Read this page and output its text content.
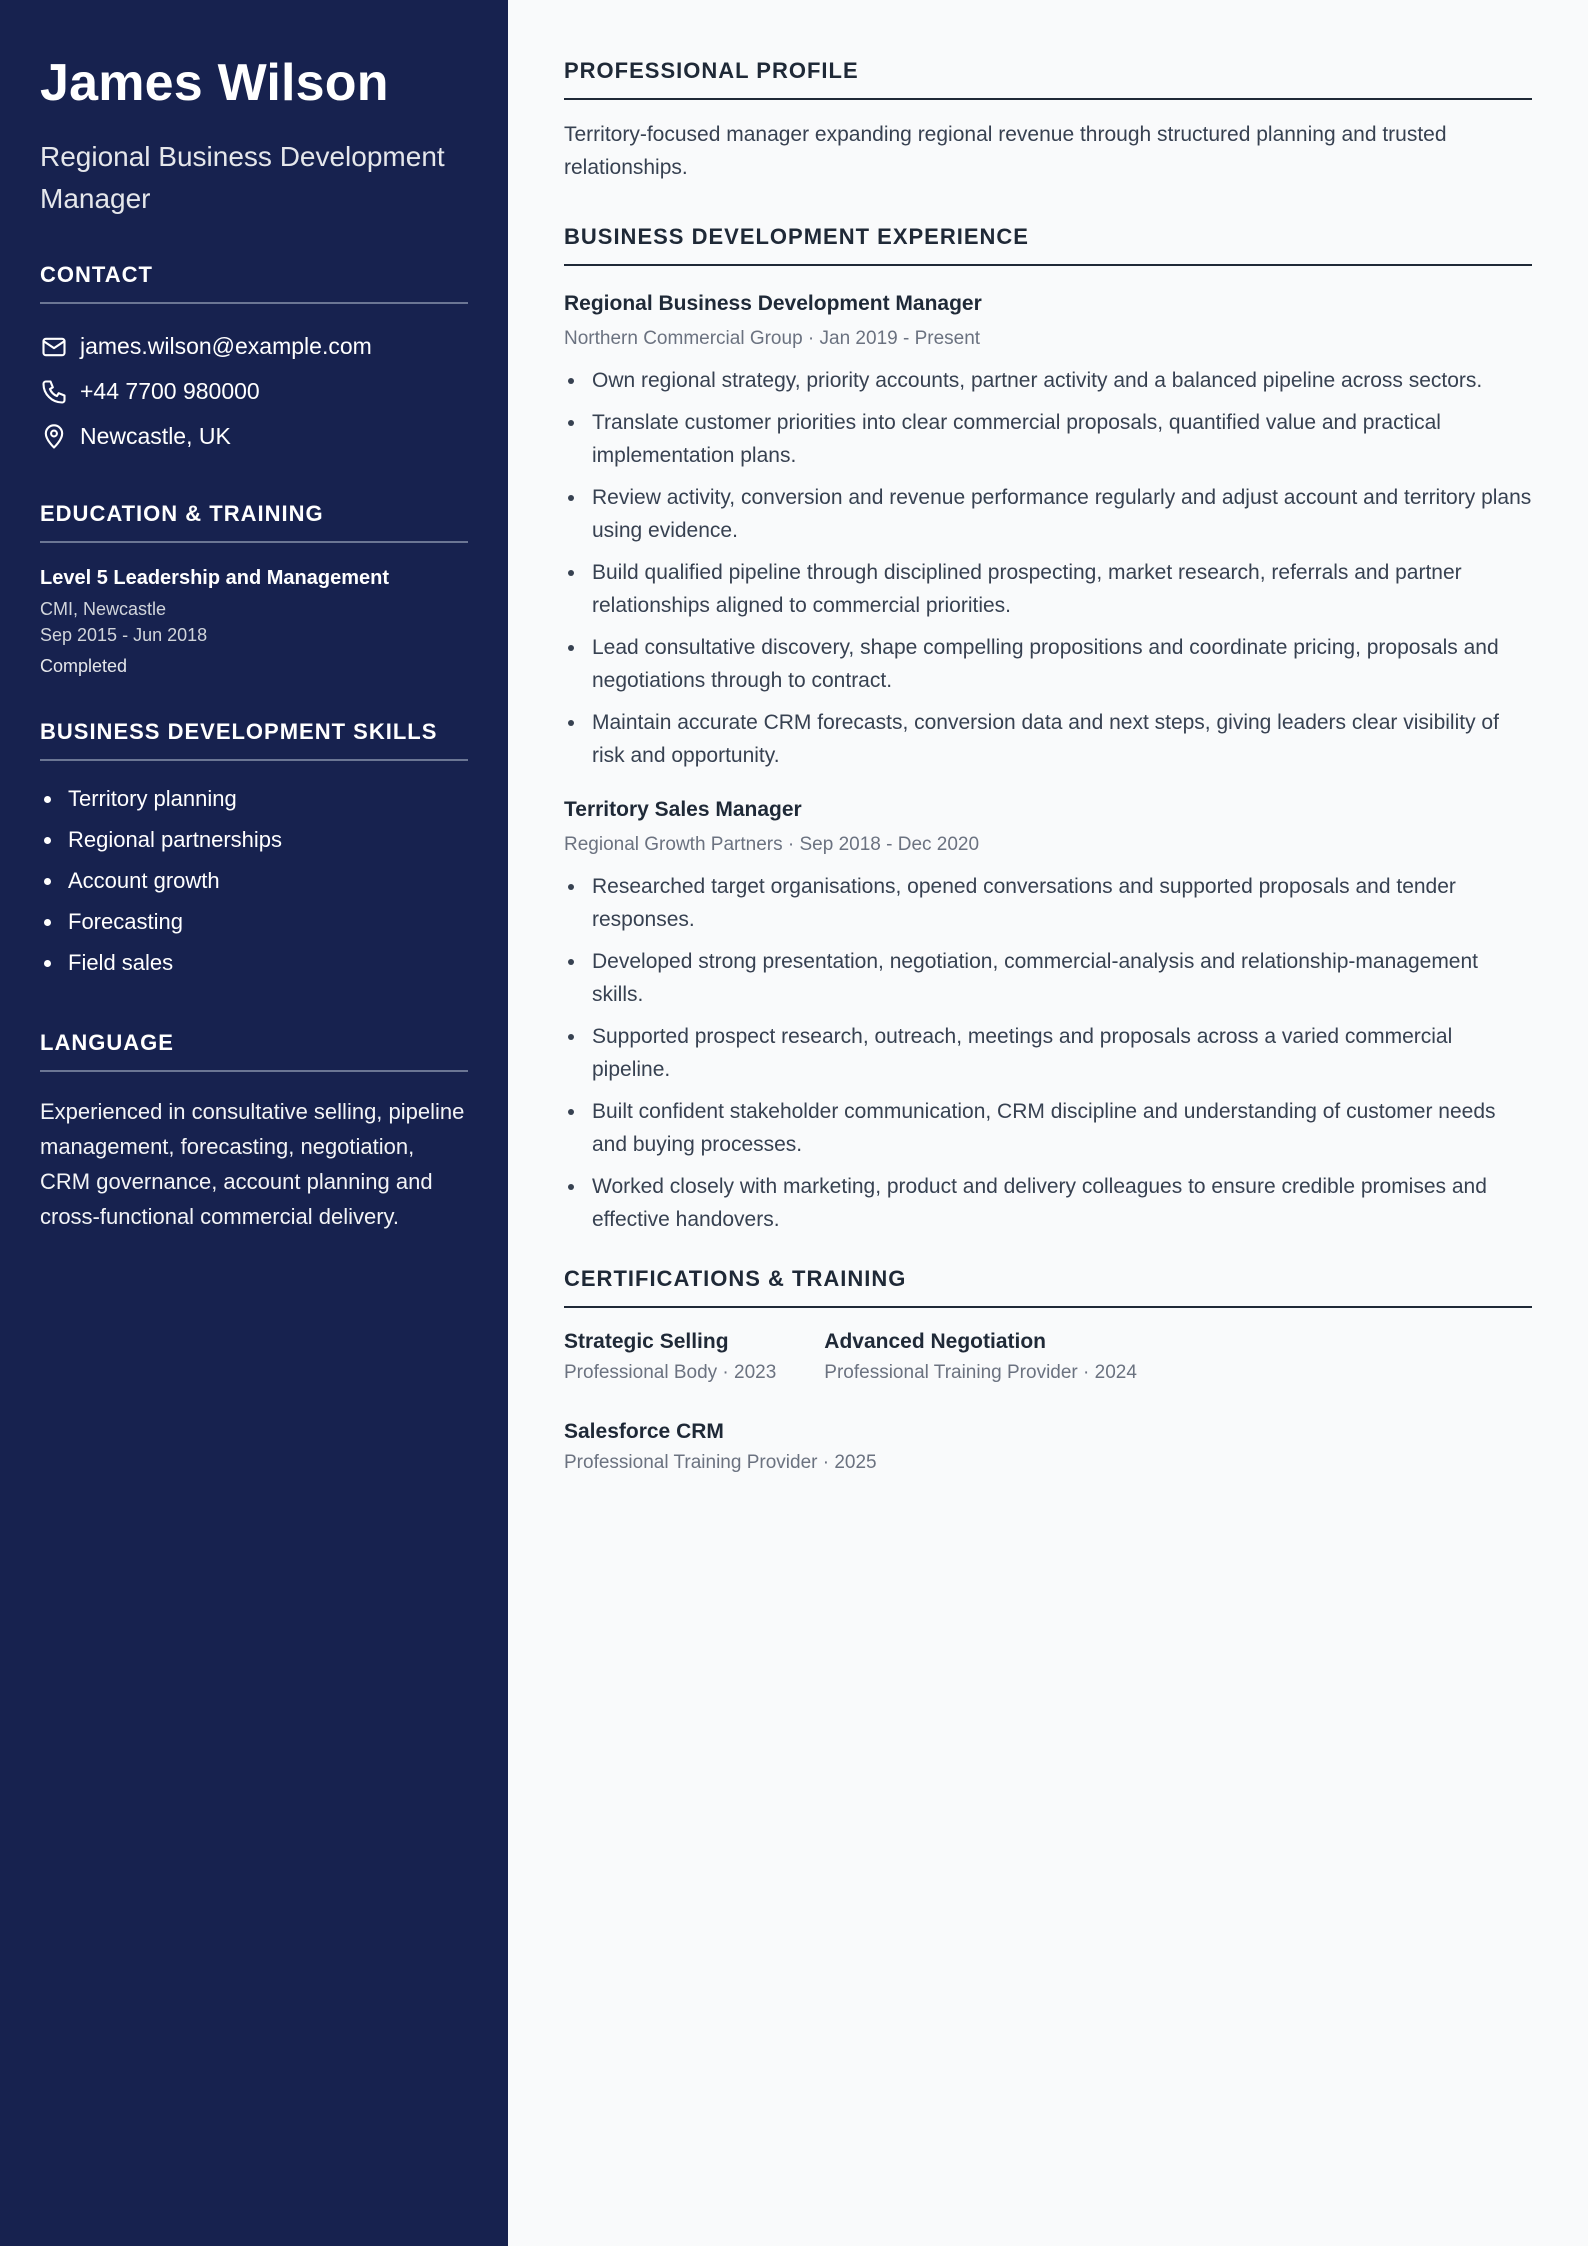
James Wilson
Regional Business Development Manager
CONTACT
james.wilson@example.com
+44 7700 980000
Newcastle, UK
EDUCATION & TRAINING
Level 5 Leadership and Management
CMI, Newcastle
Sep 2015 - Jun 2018
Completed
BUSINESS DEVELOPMENT SKILLS
Territory planning
Regional partnerships
Account growth
Forecasting
Field sales
LANGUAGE

Experienced in consultative selling, pipeline management, forecasting, negotiation, CRM governance, account planning and cross-functional commercial delivery.

PROFESSIONAL PROFILE

Territory-focused manager expanding regional revenue through structured planning and trusted relationships.

BUSINESS DEVELOPMENT EXPERIENCE
Regional Business Development Manager
Northern Commercial Group · Jan 2019 - Present
Own regional strategy, priority accounts, partner activity and a balanced pipeline across sectors.
Translate customer priorities into clear commercial proposals, quantified value and practical implementation plans.
Review activity, conversion and revenue performance regularly and adjust account and territory plans using evidence.
Build qualified pipeline through disciplined prospecting, market research, referrals and partner relationships aligned to commercial priorities.
Lead consultative discovery, shape compelling propositions and coordinate pricing, proposals and negotiations through to contract.
Maintain accurate CRM forecasts, conversion data and next steps, giving leaders clear visibility of risk and opportunity.
Territory Sales Manager
Regional Growth Partners · Sep 2018 - Dec 2020
Researched target organisations, opened conversations and supported proposals and tender responses.
Developed strong presentation, negotiation, commercial-analysis and relationship-management skills.
Supported prospect research, outreach, meetings and proposals across a varied commercial pipeline.
Built confident stakeholder communication, CRM discipline and understanding of customer needs and buying processes.
Worked closely with marketing, product and delivery colleagues to ensure credible promises and effective handovers.
CERTIFICATIONS & TRAINING
Strategic Selling
Professional Body · 2023
Advanced Negotiation
Professional Training Provider · 2024
Salesforce CRM
Professional Training Provider · 2025
